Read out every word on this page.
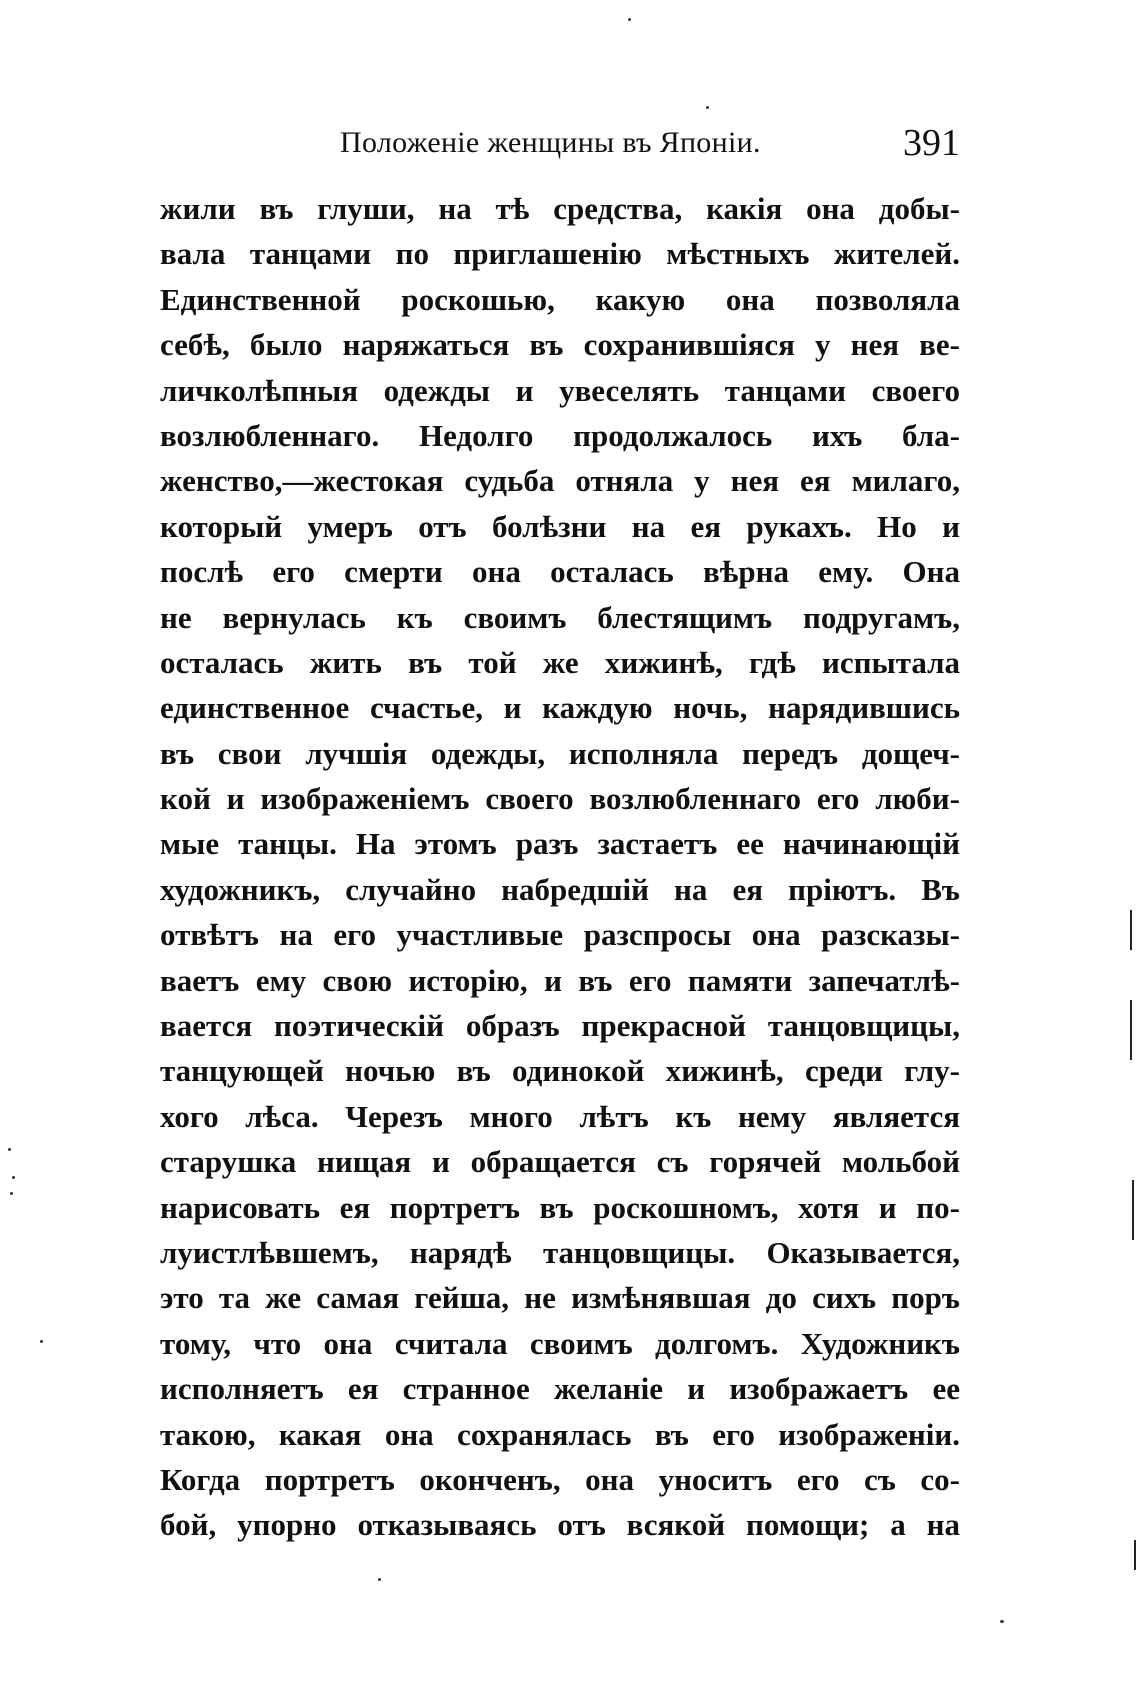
Положеніе женщины въ Японіи.	391
жили въ глуши, на тѣ средства, какія она добы-
вала танцами по приглашенію мѣстныхъ жителей.
Единственной роскошью, какую она позволяла
себѣ, было наряжаться въ сохранившіяся у нея ве-
личколѣпныя одежды и увеселять танцами своего
возлюбленнаго. Недолго продолжалось ихъ бла-
женство,—жестокая судьба отняла у нея ея милаго,
который умеръ отъ болѣзни на ея рукахъ. Но и
послѣ его смерти она осталась вѣрна ему. Она
не вернулась къ своимъ блестящимъ подругамъ,
осталась жить въ той же хижинѣ, гдѣ испытала
единственное счастье, и каждую ночь, нарядившись
въ свои лучшія одежды, исполняла передъ дощеч-
кой и изображеніемъ своего возлюбленнаго его люби-
мые танцы. На этомъ разъ застаетъ ее начинающій
художникъ, случайно набредшій на ея пріютъ. Въ
отвѣтъ на его участливые разспросы она разсказы-
ваетъ ему свою исторію, и въ его памяти запечатлѣ-
вается поэтическій образъ прекрасной танцовщицы,
танцующей ночью въ одинокой хижинѣ, среди глу-
хого лѣса. Черезъ много лѣтъ къ нему является
старушка нищая и обращается съ горячей мольбой
нарисовать ея портретъ въ роскошномъ, хотя и по-
луистлѣвшемъ, нарядѣ танцовщицы. Оказывается,
это та же самая гейша, не измѣнявшая до сихъ поръ
тому, что она считала своимъ долгомъ. Художникъ
исполняетъ ея странное желаніе и изображаетъ ее
такою, какая она сохранялась въ его изображеніи.
Когда портретъ оконченъ, она уноситъ его съ со-
бой, упорно отказываясь отъ всякой помощи; а на
